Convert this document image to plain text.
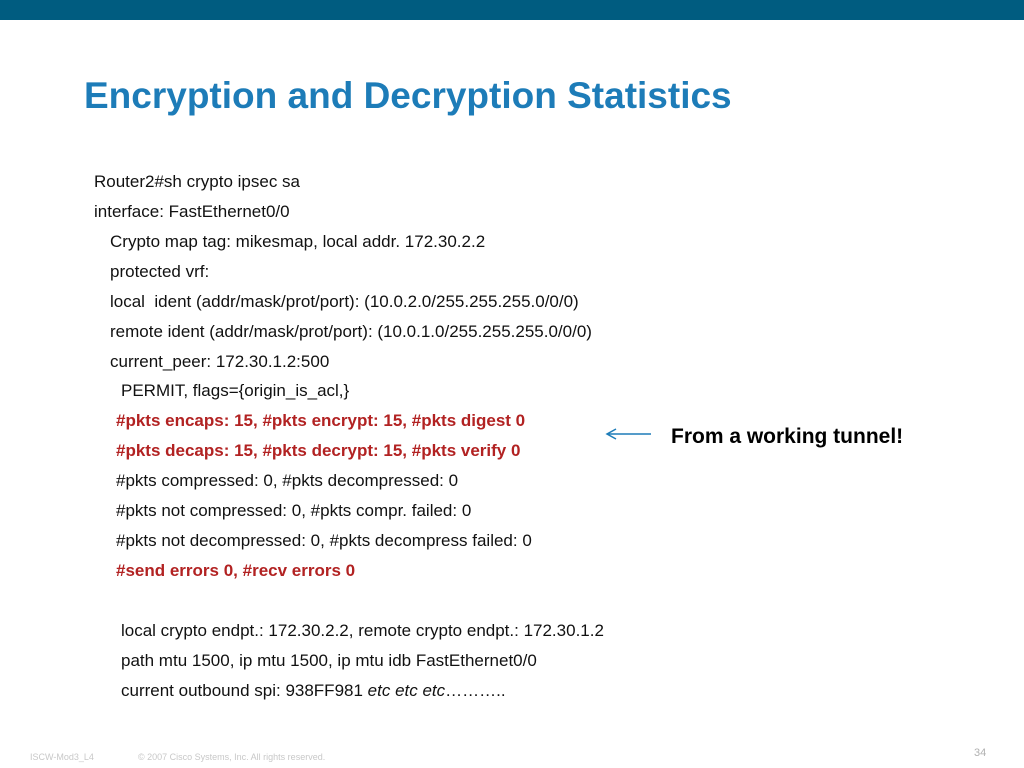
Encryption and Decryption Statistics
Router2#sh crypto ipsec sa
interface: FastEthernet0/0
Crypto map tag: mikesmap, local addr. 172.30.2.2
protected vrf:
local  ident (addr/mask/prot/port): (10.0.2.0/255.255.255.0/0/0)
remote ident (addr/mask/prot/port): (10.0.1.0/255.255.255.0/0/0)
current_peer: 172.30.1.2:500
PERMIT, flags={origin_is_acl,}
#pkts encaps: 15, #pkts encrypt: 15, #pkts digest 0
#pkts decaps: 15, #pkts decrypt: 15, #pkts verify 0
#pkts compressed: 0, #pkts decompressed: 0
#pkts not compressed: 0, #pkts compr. failed: 0
#pkts not decompressed: 0, #pkts decompress failed: 0
#send errors 0, #recv errors 0
local crypto endpt.: 172.30.2.2, remote crypto endpt.: 172.30.1.2
path mtu 1500, ip mtu 1500, ip mtu idb FastEthernet0/0
current outbound spi: 938FF981 etc etc etc………..
From a working tunnel!
ISCW-Mod3_L4	© 2007 Cisco Systems, Inc. All rights reserved.	34
